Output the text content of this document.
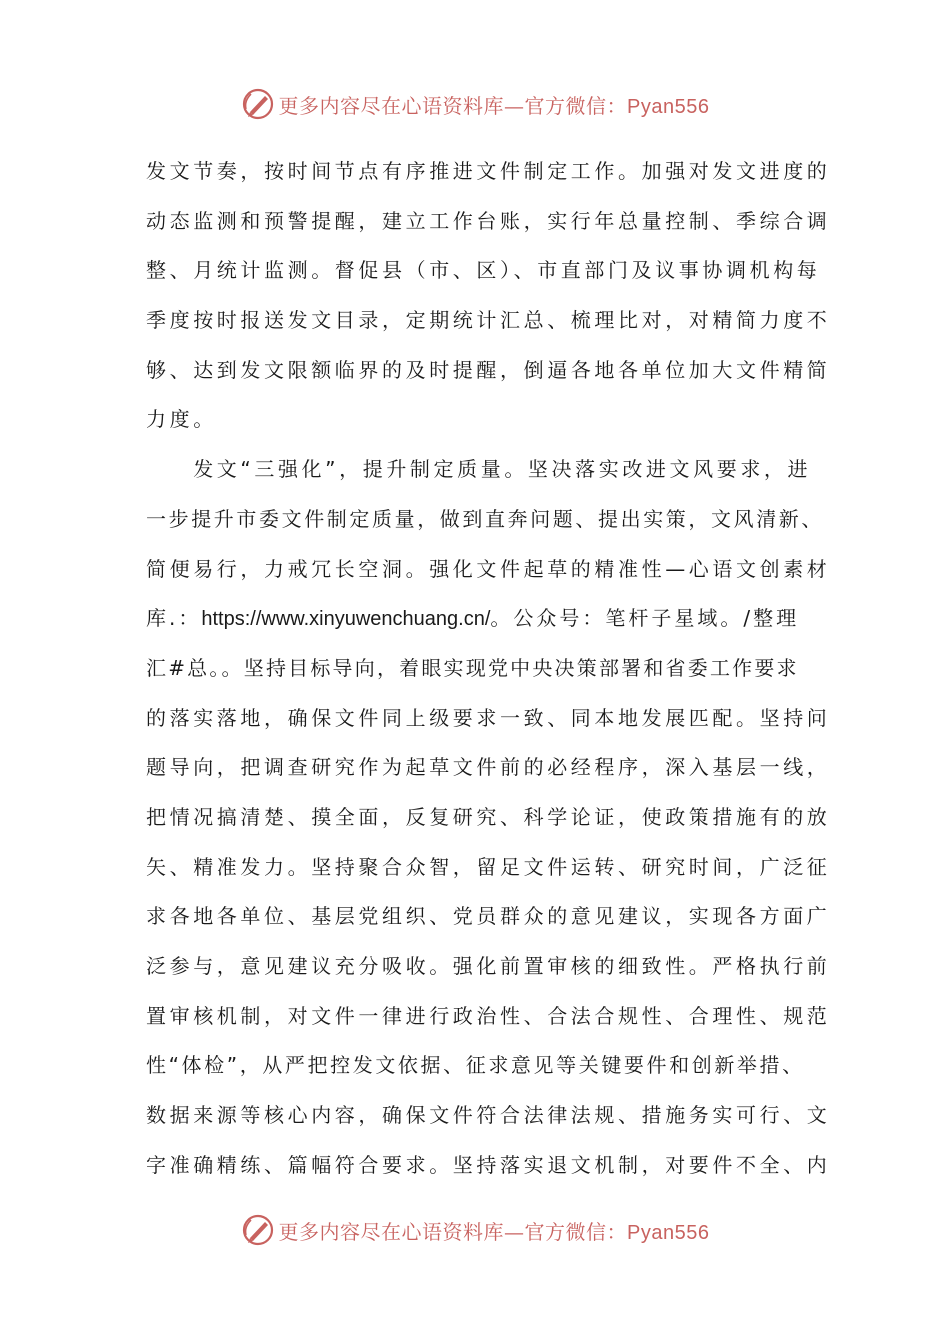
更多内容尽在心语资料库—官方微信：Pyan556
发文节奏，按时间节点有序推进文件制定工作。加强对发文进度的
动态监测和预警提醒，建立工作台账，实行年总量控制、季综合调
整、月统计监测。督促县（市、区）、市直部门及议事协调机构每
季度按时报送发文目录，定期统计汇总、梳理比对，对精简力度不
够、达到发文限额临界的及时提醒，倒逼各地各单位加大文件精简
力度。
　　发文“三强化”，提升制定质量。坚决落实改进文风要求，进
一步提升市委文件制定质量，做到直奔问题、提出实策，文风清新、
简便易行，力戒冗长空洞。强化文件起草的精准性—心语文创素材
库.：https://www.xinyuwenchuang.cn/。公众号：笔杆子星域。/整理
汇#总。。坚持目标导向，着眼实现党中央决策部署和省委工作要求
的落实落地，确保文件同上级要求一致、同本地发展匹配。坚持问
题导向，把调查研究作为起草文件前的必经程序，深入基层一线，
把情况搞清楚、摸全面，反复研究、科学论证，使政策措施有的放
矢、精准发力。坚持聚合众智，留足文件运转、研究时间，广泛征
求各地各单位、基层党组织、党员群众的意见建议，实现各方面广
泛参与，意见建议充分吸收。强化前置审核的细致性。严格执行前
置审核机制，对文件一律进行政治性、合法合规性、合理性、规范
性“体检”，从严把控发文依据、征求意见等关键要件和创新举措、
数据来源等核心内容，确保文件符合法律法规、措施务实可行、文
字准确精练、篇幅符合要求。坚持落实退文机制，对要件不全、内
更多内容尽在心语资料库—官方微信：Pyan556
